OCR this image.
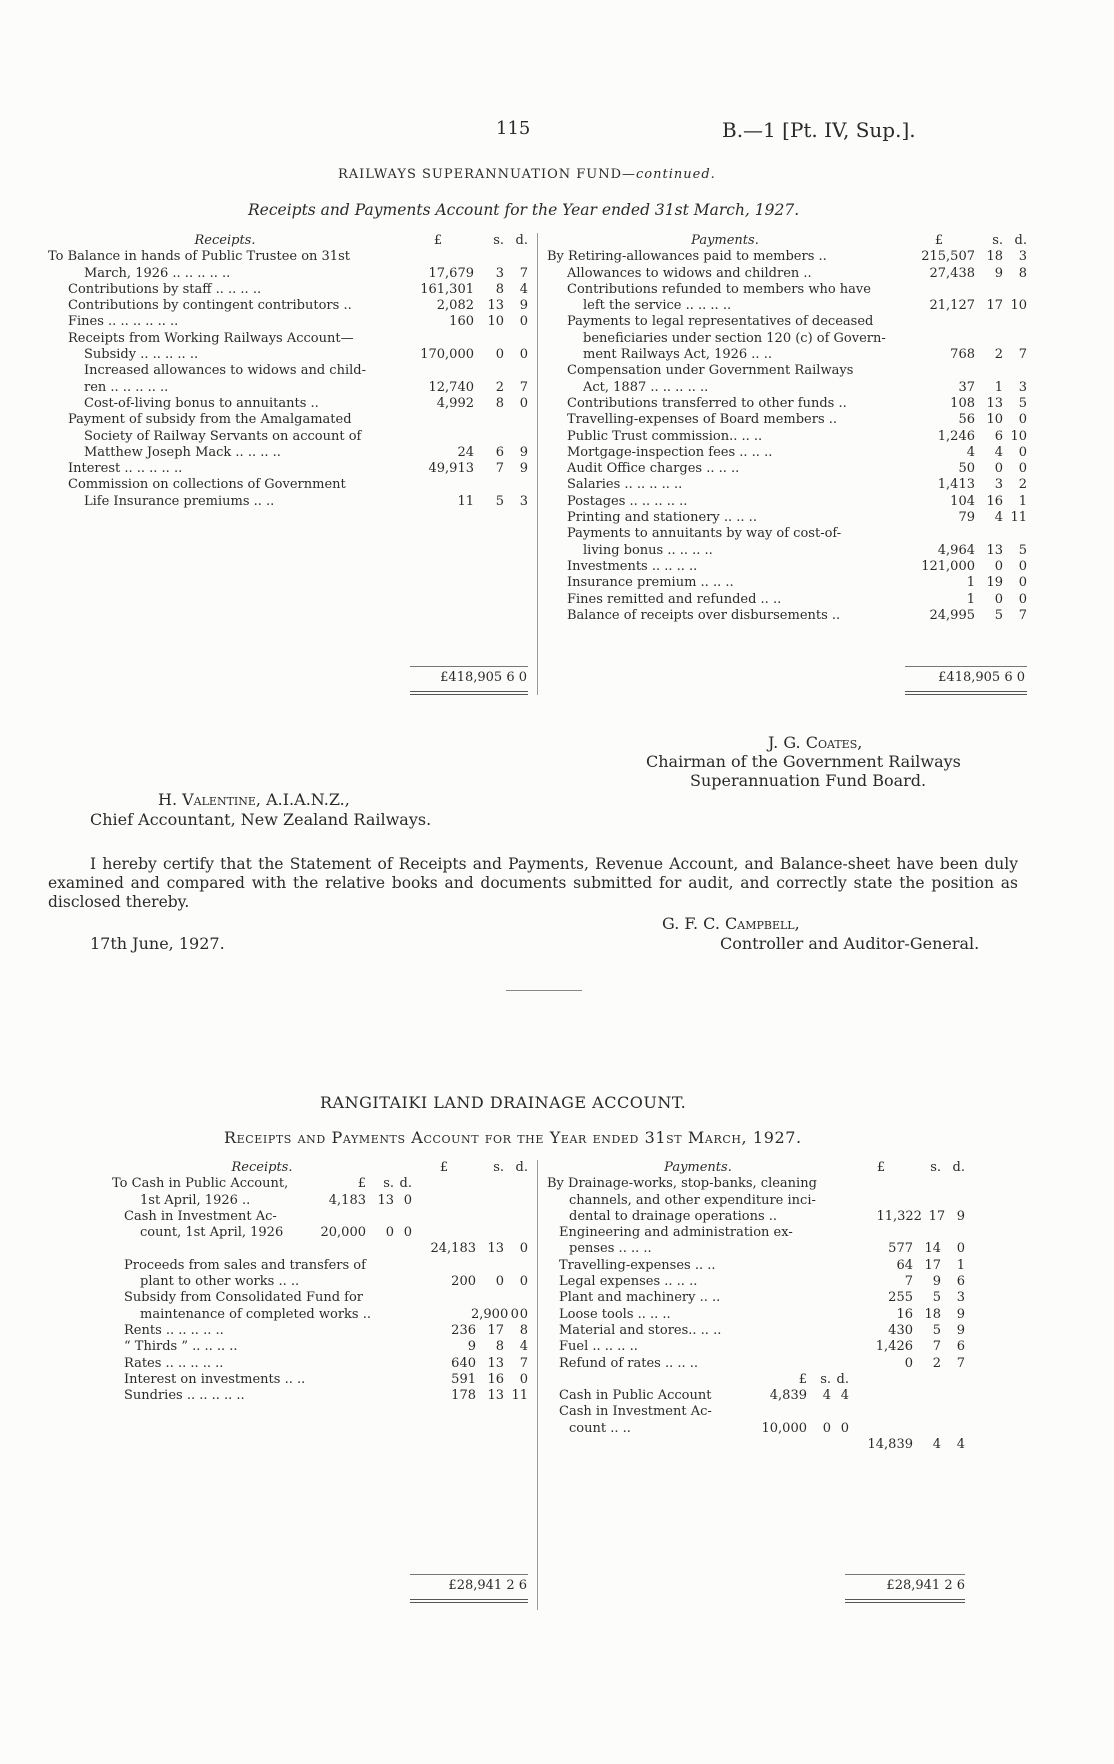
115	B.—1 [Pt. IV, Sup.].
RAILWAYS SUPERANNUATION FUND—continued.
Receipts and Payments Account for the Year ended 31st March, 1927.
Receipts.	£	s. d.
To Balance in hands of Public Trustee on 31st
March, 1926 .. .. .. .. ..	17,679	3	7
Contributions by staff .. .. .. ..	161,301	8	4
Contributions by contingent contributors ..	2,082	13	9
Fines .. .. .. .. .. ..	160	10	0
Receipts from Working Railways Account—
Subsidy .. .. .. .. ..	170,000	0	0
Increased allowances to widows and child-
ren .. .. .. .. ..	12,740	2	7
Cost-of-living bonus to annuitants ..	4,992	8	0
Payment of subsidy from the Amalgamated
Society of Railway Servants on account of
Matthew Joseph Mack .. .. .. ..	24	6	9
Interest .. .. .. .. ..	49,913	7	9
Commission on collections of Government
Life Insurance premiums .. ..	11	5	3
Payments.	£	s. d.
By Retiring-allowances paid to members ..	215,507 18	3
Allowances to widows and children ..	27,438	9	8
Contributions refunded to members who have
left the service .. .. .. ..	21,127 17 10
Payments to legal representatives of deceased
beneficiaries under section 120 (c) of Govern-
ment Railways Act, 1926 .. ..	768	2	7
Compensation under Government Railways
Act, 1887 .. .. .. .. ..	37	1	3
Contributions transferred to other funds ..	108 13	5
Travelling-expenses of Board members ..	56 10	0
Public Trust commission.. .. ..	1,246	6 10
Mortgage-inspection fees .. .. ..	4	4	0
Audit Office charges .. .. ..	50	0	0
Salaries .. .. .. .. ..	1,413	3	2
Postages .. .. .. .. ..	104 16	1
Printing and stationery .. .. ..	79	4 11
Payments to annuitants by way of cost-of-
living bonus .. .. .. ..	4,964 13	5
Investments .. .. .. ..	121,000	0	0
Insurance premium .. .. ..	1 19	0
Fines remitted and refunded .. ..	1	0	0
Balance of receipts over disbursements ..	24,995	5	7
£418,905 6 0	£418,905 6 0
J. G. Coates,
Chairman of the Government Railways
Superannuation Fund Board.
H. Valentine, A.I.A.N.Z.,
Chief Accountant, New Zealand Railways.
I hereby certify that the Statement of Receipts and Payments, Revenue Account, and Balance-sheet have been duly examined and compared with the relative books and documents submitted for audit, and correctly state the position as disclosed thereby.
G. F. C. Campbell,
Controller and Auditor-General.
17th June, 1927.
RANGITAIKI LAND DRAINAGE ACCOUNT.
Receipts and Payments Account for the Year ended 31st March, 1927.
Receipts.	£	s. d.
To Cash in Public Account,	£	s. d.
1st April, 1926 ..	4,183 13 0
Cash in Investment Ac-
count, 1st April, 1926	20,000	0 0
24,183 13	0
Proceeds from sales and transfers of
plant to other works .. ..	200	0	0
Subsidy from Consolidated Fund for
maintenance of completed works ..	2,900 0 0
Rents .. .. .. .. ..	236 17	8
“ Thirds ” .. .. .. ..	9	8	4
Rates .. .. .. .. ..	640 13	7
Interest on investments .. ..	591 16	0
Sundries .. .. .. .. ..	178 13 11
Payments.	£	s. d.
By Drainage-works, stop-banks, cleaning
channels, and other expenditure inci-
dental to drainage operations ..	11,322 17 9
Engineering and administration ex-
penses .. .. ..	577 14	0
Travelling-expenses .. ..	64 17	1
Legal expenses .. .. ..	7	9	6
Plant and machinery .. ..	255	5	3
Loose tools .. .. ..	16 18	9
Material and stores.. .. ..	430	5	9
Fuel .. .. .. ..	1,426	7	6
Refund of rates .. .. ..	0	2	7
£	s. d.
Cash in Public Account	4,839	4 4
Cash in Investment Ac-
count .. ..	10,000	0 0
14,839	4	4
£28,941 2 6	£28,941 2 6
